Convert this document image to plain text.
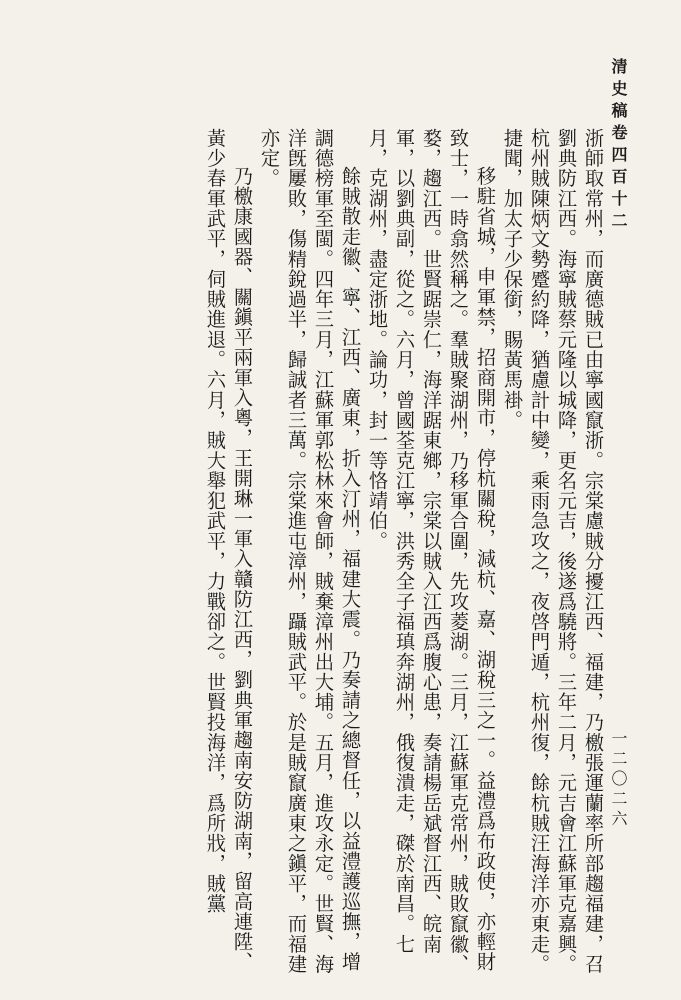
清史稿卷四百十二
一二〇二六

浙師取常州，而廣德賊已由寧國竄浙。宗棠慮賊分擾江西、福建，乃檄張運蘭率所部趨福建，召劉典防江西。海寧賊蔡元隆以城降，更名元吉，後遂爲驍將。三年二月，元吉會江蘇軍克嘉興。杭州賊陳炳文勢蹙約降，猶慮計中變，乘雨急攻之，夜啓門遁，杭州復，餘杭賊汪海洋亦東走。捷聞，加太子少保銜，賜黃馬褂。

移駐省城，申軍禁，招商開市，停杭關稅，減杭、嘉、湖稅三之一。益澧爲布政使，亦輕財致士，一時翕然稱之。羣賊聚湖州，乃移軍合圍，先攻菱湖。三月，江蘇軍克常州，賊敗竄徽、婺，趨江西。世賢踞崇仁，海洋踞東鄉，宗棠以賊入江西爲腹心患，奏請楊岳斌督江西、皖南軍，以劉典副，從之。六月，曾國荃克江寧，洪秀全子福瑱奔湖州，俄復潰走，磔於南昌。七月，克湖州，盡定浙地。論功，封一等恪靖伯。

餘賊散走徽、寧、江西、廣東，折入汀州，福建大震。乃奏請之總督任，以益澧護巡撫，增調德榜軍至閩。四年三月，江蘇軍郭松林來會師，賊棄漳州出大埔。五月，進攻永定。世賢、海洋旣屢敗，傷精銳過半，歸誠者三萬。宗棠進屯漳州，躡賊武平。於是賊竄廣東之鎭平，而福建亦定。

乃檄康國器、關鎭平兩軍入粵，王開琳一軍入贛防江西，劉典軍趨南安防湖南，留高連陞、黃少春軍武平，伺賊進退。六月，賊大舉犯武平，力戰卻之。世賢投海洋，爲所戕，賊黨
